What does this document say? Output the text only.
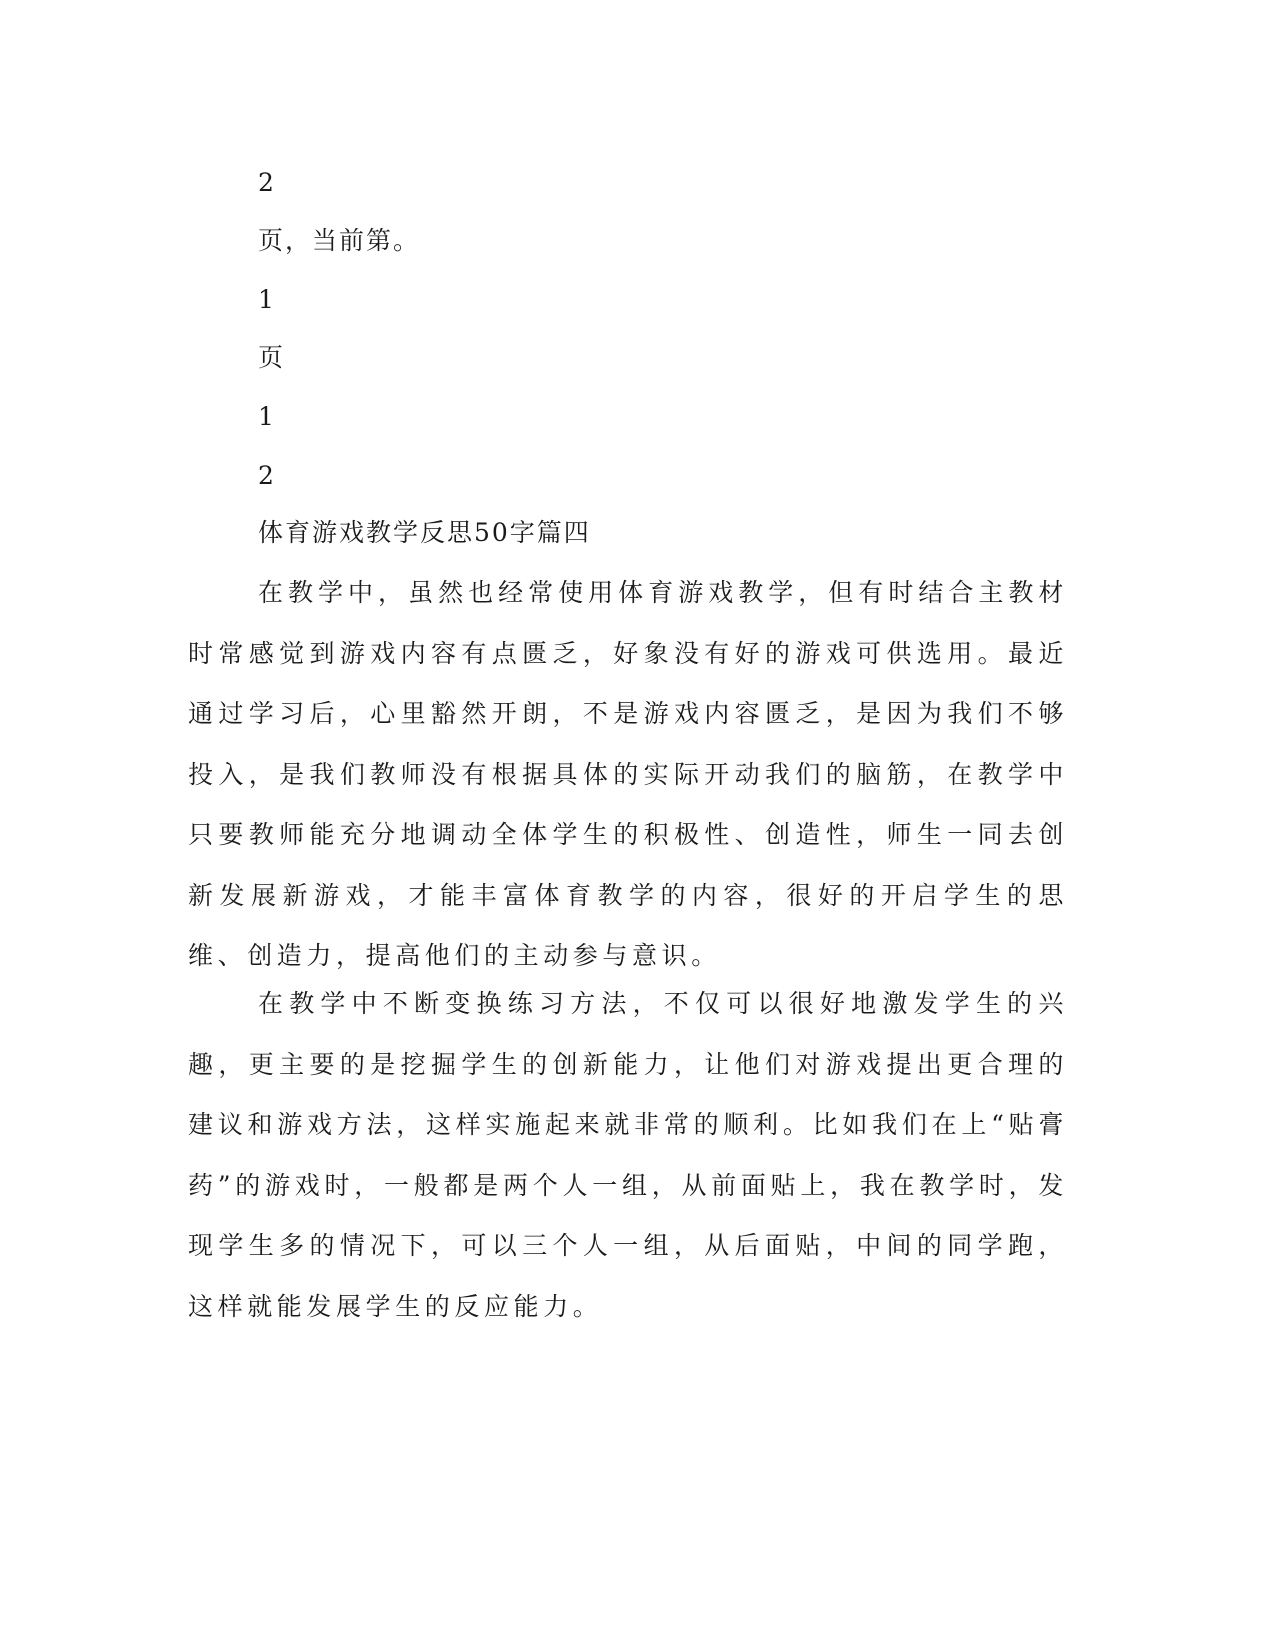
2
页，当前第。
1
页
1
2
体育游戏教学反思50字篇四

在教学中，虽然也经常使用体育游戏教学，但有时结合主教材时常感觉到游戏内容有点匮乏，好象没有好的游戏可供选用。最近通过学习后，心里豁然开朗，不是游戏内容匮乏，是因为我们不够投入，是我们教师没有根据具体的实际开动我们的脑筋，在教学中只要教师能充分地调动全体学生的积极性、创造性，师生一同去创新发展新游戏，才能丰富体育教学的内容，很好的开启学生的思维、创造力，提高他们的主动参与意识。

在教学中不断变换练习方法，不仅可以很好地激发学生的兴趣，更主要的是挖掘学生的创新能力，让他们对游戏提出更合理的建议和游戏方法，这样实施起来就非常的顺利。比如我们在上“贴膏药”的游戏时，一般都是两个人一组，从前面贴上，我在教学时，发现学生多的情况下，可以三个人一组，从后面贴，中间的同学跑，这样就能发展学生的反应能力。
